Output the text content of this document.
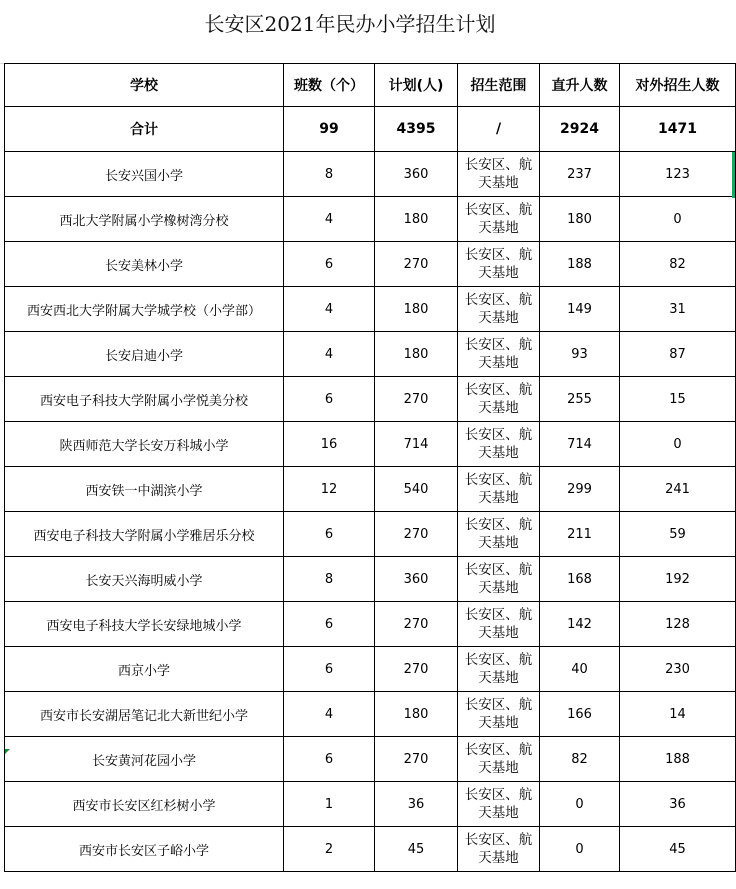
长安区2021年民办小学招生计划
学校	班数（个）	计划(人)	招生范围	直升人数	对外招生人数
合计	99	4395	/	2924	1471
长安兴国小学	8	360	长安区、航天基地	237	123
西北大学附属小学橡树湾分校	4	180	长安区、航天基地	180	0
长安美林小学	6	270	长安区、航天基地	188	82
西安西北大学附属大学城学校（小学部）	4	180	长安区、航天基地	149	31
长安启迪小学	4	180	长安区、航天基地	93	87
西安电子科技大学附属小学悦美分校	6	270	长安区、航天基地	255	15
陕西师范大学长安万科城小学	16	714	长安区、航天基地	714	0
西安铁一中湖滨小学	12	540	长安区、航天基地	299	241
西安电子科技大学附属小学雅居乐分校	6	270	长安区、航天基地	211	59
长安天兴海明威小学	8	360	长安区、航天基地	168	192
西安电子科技大学长安绿地城小学	6	270	长安区、航天基地	142	128
西京小学	6	270	长安区、航天基地	40	230
西安市长安湖居笔记北大新世纪小学	4	180	长安区、航天基地	166	14
长安黄河花园小学	6	270	长安区、航天基地	82	188
西安市长安区红杉树小学	1	36	长安区、航天基地	0	36
西安市长安区子峪小学	2	45	长安区、航天基地	0	45
